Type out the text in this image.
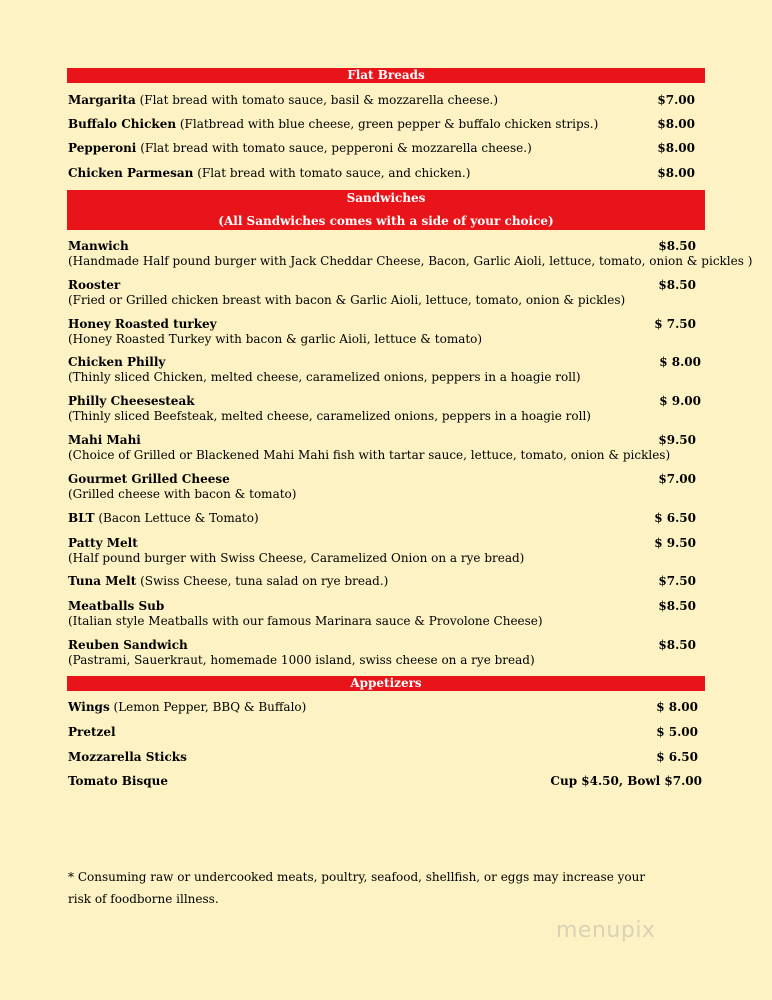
Flat Breads
Sandwiches
(All Sandwiches comes with a side of your choice)
Appetizers
Margarita (Flat bread with tomato sauce, basil & mozzarella cheese.)	$7.00
Buffalo Chicken (Flatbread with blue cheese, green pepper & buffalo chicken strips.)	$8.00
Pepperoni (Flat bread with tomato sauce, pepperoni & mozzarella cheese.)	$8.00
Chicken Parmesan (Flat bread with tomato sauce, and chicken.)	$8.00
Manwich
(Handmade Half pound burger with Jack Cheddar Cheese, Bacon, Garlic Aioli, lettuce, tomato, onion & pickles )
$8.50
Rooster
(Fried or Grilled chicken breast with bacon & Garlic Aioli, lettuce, tomato, onion & pickles)
$8.50
Honey Roasted turkey
(Honey Roasted Turkey with bacon & garlic Aioli, lettuce & tomato)
$ 7.50
Chicken Philly
(Thinly sliced Chicken, melted cheese, caramelized onions, peppers in a hoagie roll)
$ 8.00
Philly Cheesesteak
(Thinly sliced Beefsteak, melted cheese, caramelized onions, peppers in a hoagie roll)
$ 9.00
Mahi Mahi
(Choice of Grilled or Blackened Mahi Mahi fish with tartar sauce, lettuce, tomato, onion & pickles)
$9.50
Gourmet Grilled Cheese
(Grilled cheese with bacon & tomato)
$7.00
BLT (Bacon Lettuce & Tomato)	$ 6.50
Patty Melt
(Half pound burger with Swiss Cheese, Caramelized Onion on a rye bread)
$ 9.50
Tuna Melt (Swiss Cheese, tuna salad on rye bread.)	$7.50
Meatballs Sub
(Italian style Meatballs with our famous Marinara sauce & Provolone Cheese)
$8.50
Reuben Sandwich
(Pastrami, Sauerkraut, homemade 1000 island, swiss cheese on a rye bread)
$8.50
Wings (Lemon Pepper, BBQ & Buffalo)	$ 8.00
Pretzel	$ 5.00
Mozzarella Sticks	$ 6.50
Tomato Bisque	Cup $4.50, Bowl $7.00
* Consuming raw or undercooked meats, poultry, seafood, shellfish, or eggs may increase your risk of foodborne illness.
menupix
